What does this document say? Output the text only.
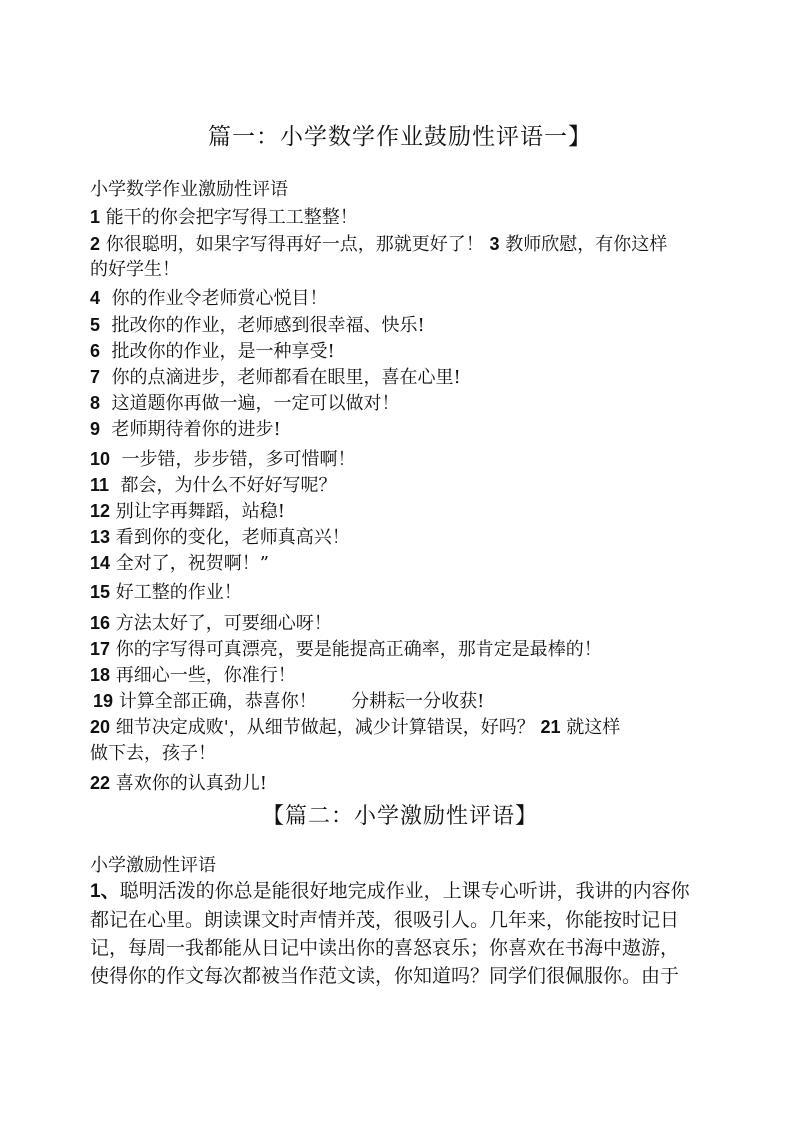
篇一：小学数学作业鼓励性评语一】
小学数学作业激励性评语
1 能干的你会把字写得工工整整！
2 你很聪明，如果字写得再好一点，那就更好了！ 3 教师欣慰，有你这样
的好学生！
4 你的作业令老师赏心悦目！
5 批改你的作业，老师感到很幸福、快乐!
6 批改你的作业，是一种享受!
7 你的点滴进步，老师都看在眼里，喜在心里!
8 这道题你再做一遍，一定可以做对！
9 老师期待着你的进步!
10 一步错，步步错，多可惜啊！
11 都会，为什么不好好写呢？
12 别让字再舞蹈，站稳!
13 看到你的变化，老师真高兴！
14 全对了，祝贺啊！”
15 好工整的作业！
16 方法太好了，可要细心呀！
17 你的字写得可真漂亮，要是能提高正确率，那肯定是最棒的！
18 再细心一些，你准行！
19 计算全部正确，恭喜你！ 分耕耘一分收获!
20 细节决定成败'，从细节做起，减少计算错误，好吗？ 21 就这样
做下去，孩子！
22 喜欢你的认真劲儿!
【篇二：小学激励性评语】
小学激励性评语
1、聪明活泼的你总是能很好地完成作业，上课专心听讲，我讲的内容你
都记在心里。朗读课文时声情并茂，很吸引人。几年来，你能按时记日
记，每周一我都能从日记中读出你的喜怒哀乐；你喜欢在书海中遨游，
使得你的作文每次都被当作范文读，你知道吗？同学们很佩服你。由于
